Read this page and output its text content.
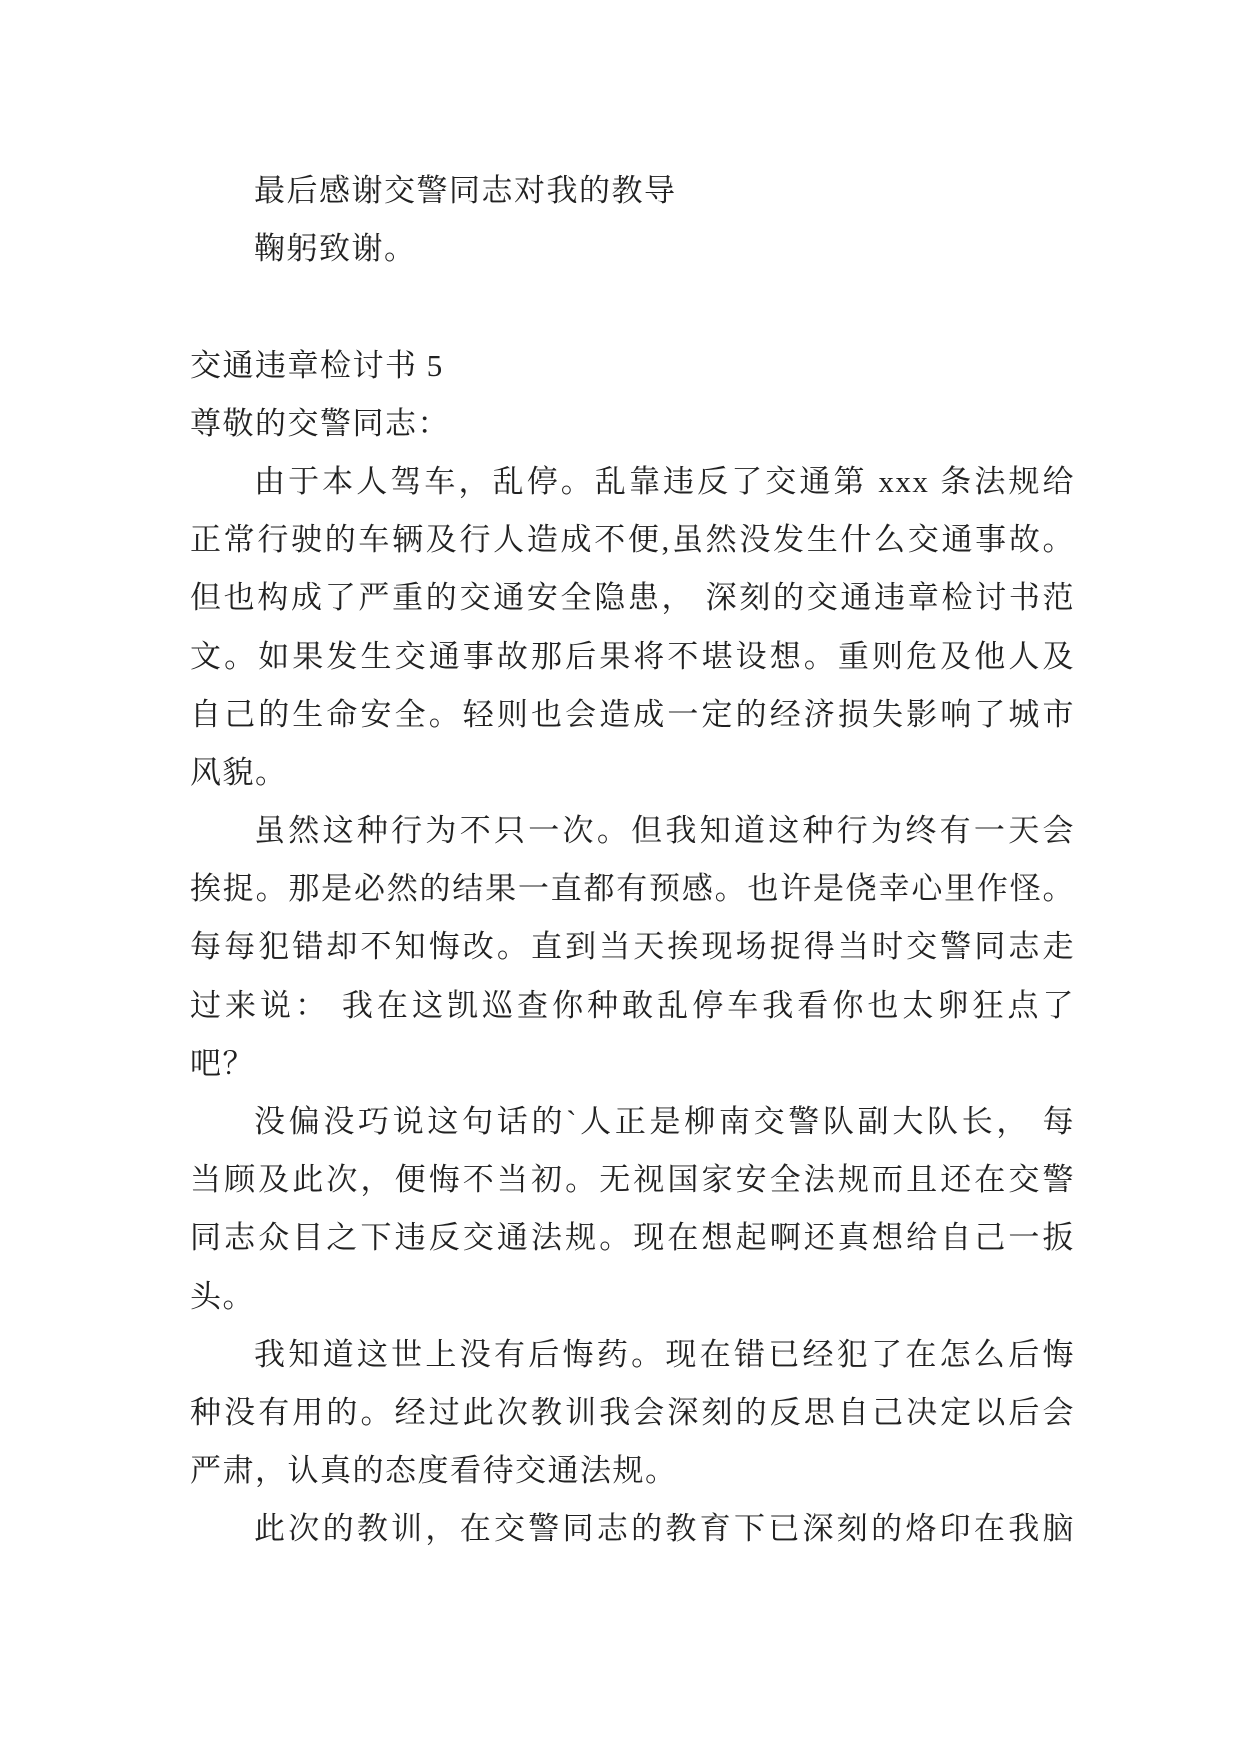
最后感谢交警同志对我的教导
鞠躬致谢。
交通违章检讨书 5
尊敬的交警同志：
由于本人驾车，乱停。乱靠违反了交通第 xxx 条法规给
正常行驶的车辆及行人造成不便,虽然没发生什么交通事故。
但也构成了严重的交通安全隐患， 深刻的交通违章检讨书范
文。如果发生交通事故那后果将不堪设想。重则危及他人及
自己的生命安全。轻则也会造成一定的经济损失影响了城市
风貌。
虽然这种行为不只一次。但我知道这种行为终有一天会
挨捉。那是必然的结果一直都有预感。也许是侥幸心里作怪。
每每犯错却不知悔改。直到当天挨现场捉得当时交警同志走
过来说： 我在这凯巡查你种敢乱停车我看你也太卵狂点了
吧？
没偏没巧说这句话的`人正是柳南交警队副大队长， 每
当顾及此次，便悔不当初。无视国家安全法规而且还在交警
同志众目之下违反交通法规。现在想起啊还真想给自己一扳
头。
我知道这世上没有后悔药。现在错已经犯了在怎么后悔
种没有用的。经过此次教训我会深刻的反思自己决定以后会
严肃，认真的态度看待交通法规。
此次的教训，在交警同志的教育下已深刻的烙印在我脑
